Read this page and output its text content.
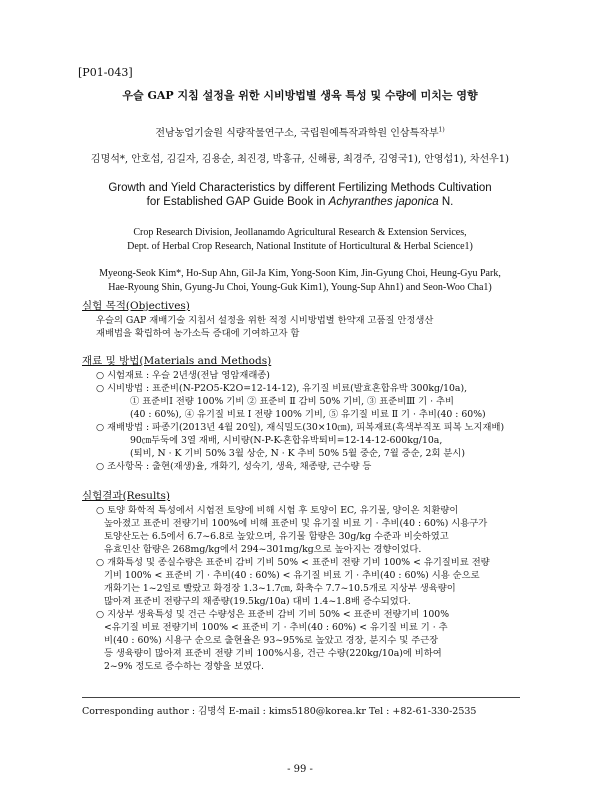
[P01-043]
우슬 GAP 지침 설정을 위한 시비방법별 생육 특성 및 수량에 미치는 영향
전남농업기술원 식량작물연구소, 국립원예특작과학원 인삼특작부$^{1)}$
김명석*, 안호섭, 김길자, 김용순, 최진경, 박홍규, 신해룡, 최경주, 김영국1), 안영섭1), 차선우1)
Growth and Yield Characteristics by different Fertilizing Methods Cultivation
for Established GAP Guide Book in Achyranthes japonica N.
Crop Research Division, Jeollanamdo Agricultural Research & Extension Services,
Dept. of Herbal Crop Research, National Institute of Horticultural & Herbal Science1)
Myeong-Seok Kim*, Ho-Sup Ahn, Gil-Ja Kim, Yong-Soon Kim, Jin-Gyung Choi, Heung-Gyu Park,
Hae-Ryoung Shin, Gyung-Ju Choi, Young-Guk Kim1), Young-Sup Ahn1) and Seon-Woo Cha1)
실험 목적(Objectives)
우슬의 GAP 재배기술 지침서 설정을 위한 적정 시비방법별 한약재 고품질 안정생산
재배법을 확립하여 농가소득 증대에 기여하고자 함
재료 및 방법(Materials and Methods)
○ 시험재료 : 우슬 2년생(전남 영암재래종)
○ 시비방법 : 표준비(N-P2O5-K2O=12-14-12), 유기질 비료(발효혼합유박 300kg/10a),
① 표준비Ⅰ 전량 100% 기비 ② 표준비 Ⅱ 감비 50% 기비, ③ 표준비Ⅲ 기 · 추비
(40 : 60%), ④ 유기질 비료 Ⅰ 전량 100% 기비, ⑤ 유기질 비료 Ⅱ 기 · 추비(40 : 60%)
○ 재배방법 : 파종기(2013년 4월 20일), 재식밀도(30×10㎝), 피복재료(흑색부직포 피복 노지재배)
90㎝두둑에 3열 재배, 시비량(N-P-K-혼합유박퇴비=12-14-12-600kg/10a,
(퇴비, N · K 기비 50% 3월 상순, N · K 추비 50% 5월 중순, 7월 중순, 2회 분시)
○ 조사항목 : 출현(재생)율, 개화기, 성숙기, 생육, 채종량, 근수량 등
실험결과(Results)
○ 토양 화학적 특성에서 시험전 토양에 비해 시험 후 토양이 EC, 유기물, 양이온 치환량이
높아졌고 표준비 전량기비 100%에 비해 표준비 및 유기질 비료 기 · 추비(40 : 60%) 시용구가
토양산도는 6.5에서 6.7~6.8로 높았으며, 유기물 함량은 30g/kg 수준과 비슷하였고
유효인산 함량은 268mg/kg에서 294~301mg/kg으로 높아지는 경향이었다.
○ 개화특성 및 종실수량은 표준비 감비 기비 50% < 표준비 전량 기비 100% < 유기질비료 전량
기비 100% < 표준비 기 · 추비(40 : 60%) < 유기질 비료 기 · 추비(40 : 60%) 시용 순으로
개화기는 1~2일로 빨랐고 화경장 1.3~1.7㎝, 화축수 7.7~10.5개로 지상부 생육량이
많아져 표준비 전량구의 채종량(19.5kg/10a) 대비 1.4~1.8배 증수되었다.
○ 지상부 생육특성 및 건근 수량성은 표준비 감비 기비 50% < 표준비 전량기비 100%
<유기질 비료 전량기비 100% < 표준비 기 · 추비(40 : 60%) < 유기질 비료 기 · 추
비(40 : 60%) 시용구 순으로 출현율은 93~95%로 높았고 경장, 분지수 및 주근장
등 생육량이 많아져 표준비 전량 기비 100%시용, 건근 수량(220kg/10a)에 비하여
2~9% 정도로 증수하는 경향을 보였다.
Corresponding author : 김명석 E-mail : kims5180@korea.kr Tel : +82-61-330-2535
- 99 -
